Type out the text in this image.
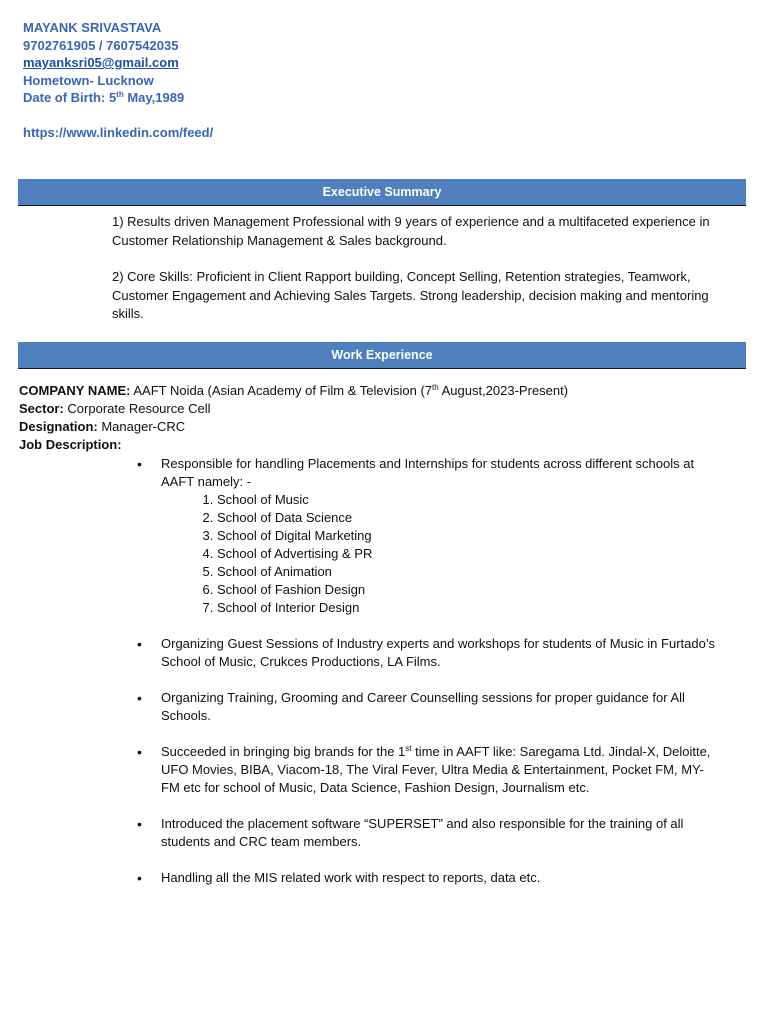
MAYANK SRIVASTAVA
9702761905 / 7607542035
mayanksri05@gmail.com
Hometown- Lucknow
Date of Birth: 5th May,1989
https://www.linkedin.com/feed/
Executive Summary

1) Results driven Management Professional with 9 years of experience and a multifaceted experience in Customer Relationship Management & Sales background.

2) Core Skills: Proficient in Client Rapport building, Concept Selling, Retention strategies, Teamwork, Customer Engagement and Achieving Sales Targets. Strong leadership, decision making and mentoring skills.

Work Experience
COMPANY NAME: AAFT Noida (Asian Academy of Film & Television (7th August,2023-Present)
Sector: Corporate Resource Cell
Designation: Manager-CRC
Job Description:
• Responsible for handling Placements and Internships for students across different schools at AAFT namely: -
1. School of Music
2. School of Data Science
3. School of Digital Marketing
4. School of Advertising & PR
5. School of Animation
6. School of Fashion Design
7. School of Interior Design
• Organizing Guest Sessions of Industry experts and workshops for students of Music in Furtado’s School of Music, Crukces Productions, LA Films.
• Organizing Training, Grooming and Career Counselling sessions for proper guidance for All Schools.
• Succeeded in bringing big brands for the 1st time in AAFT like: Saregama Ltd. Jindal-X, Deloitte, UFO Movies, BIBA, Viacom-18, The Viral Fever, Ultra Media & Entertainment, Pocket FM, MY-FM etc for school of Music, Data Science, Fashion Design, Journalism etc.
• Introduced the placement software “SUPERSET” and also responsible for the training of all students and CRC team members.
• Handling all the MIS related work with respect to reports, data etc.
